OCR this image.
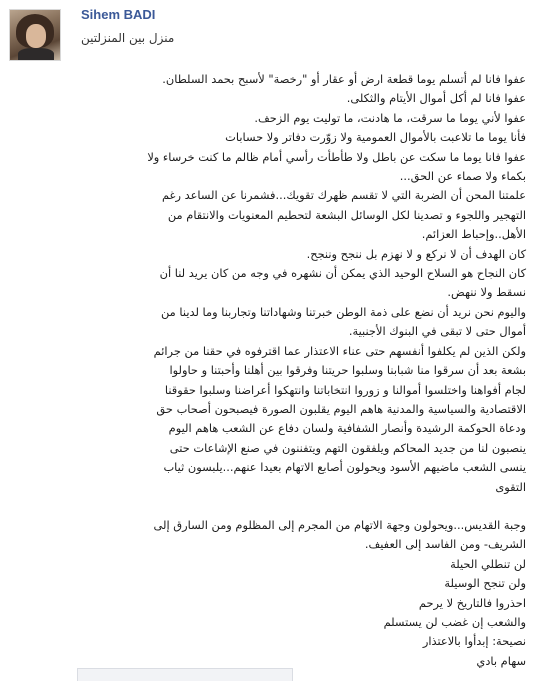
Sihem BADI
منزل بين المنزلتين
عفوا فانا لم أتسلم يوما قطعة ارض أو عقار أو "رخصة" لأسبح بحمد السلطان.
عفوا فانا لم أكل أموال الأيتام والثكلى.
عفوا لأني يوما ما سرقت، ما هادنت، ما توليت يوم الزحف.
فأنا يوما ما تلاعبت بالأموال العمومية ولا زوّرت دفاتر ولا حسابات
عفوا فانا يوما ما سكت عن باطل ولا طأطأت رأسي أمام ظالم ما كنت خرساء ولا
بكماء ولا صماء عن الحق...
علمتنا المحن أن الضربة التي لا تقسم ظهرك تقويك...فشمرنا عن الساعد رغم
التهجير واللجوء و تصدينا لكل الوسائل البشعة لتحطيم المعنويات والانتقام من
الأهل..وإحباط العزائم.
كان الهدف أن لا نركع و لا نهزم بل ننجح وننجح.
كان النجاح هو السلاح الوحيد الذي يمكن أن نشهره في وجه من كان يريد لنا أن
نسقط ولا ننهض.
واليوم نحن نريد أن نضع على ذمة الوطن خبرتنا وشهاداتنا وتجاربنا وما لدينا من
أموال حتى لا تبقى في البنوك الأجنبية.
ولكن الذين لم يكلفوا أنفسهم حتى عناء الاعتذار عما اقترفوه في حقنا من جرائم
بشعة بعد أن سرقوا منا شبابنا وسلبوا حريتنا وفرقوا بين أهلنا وأحبتنا و حاولوا
لجام أفواهنا واختلسوا أموالنا و زوروا انتخاباتنا وانتهكوا أعراضنا وسلبوا حقوقنا
الاقتصادية والسياسية والمدنية هاهم اليوم يقلبون الصورة فيصبحون أصحاب حق
ودعاة الحوكمة الرشيدة وأنصار الشفافية ولسان دفاع عن الشعب هاهم اليوم
ينصبون لنا من جديد المحاكم ويلفقون التهم ويتفننون في صنع الإشاعات حتى
ينسى الشعب ماضيهم الأسود ويحولون أصابع الاتهام بعيدا عنهم...يلبسون ثياب
التقوى
وجبة القديس...ويحولون وجهة الاتهام من المجرم إلى المظلوم ومن السارق إلى
الشريف- ومن الفاسد إلى العفيف.
لن تنطلي الحيلة
ولن تنجح الوسيلة
احذروا فالتاريخ لا يرحم
والشعب إن غضب لن يستسلم
نصيحة: إبدأوا بالاعتذار
سهام بادي
